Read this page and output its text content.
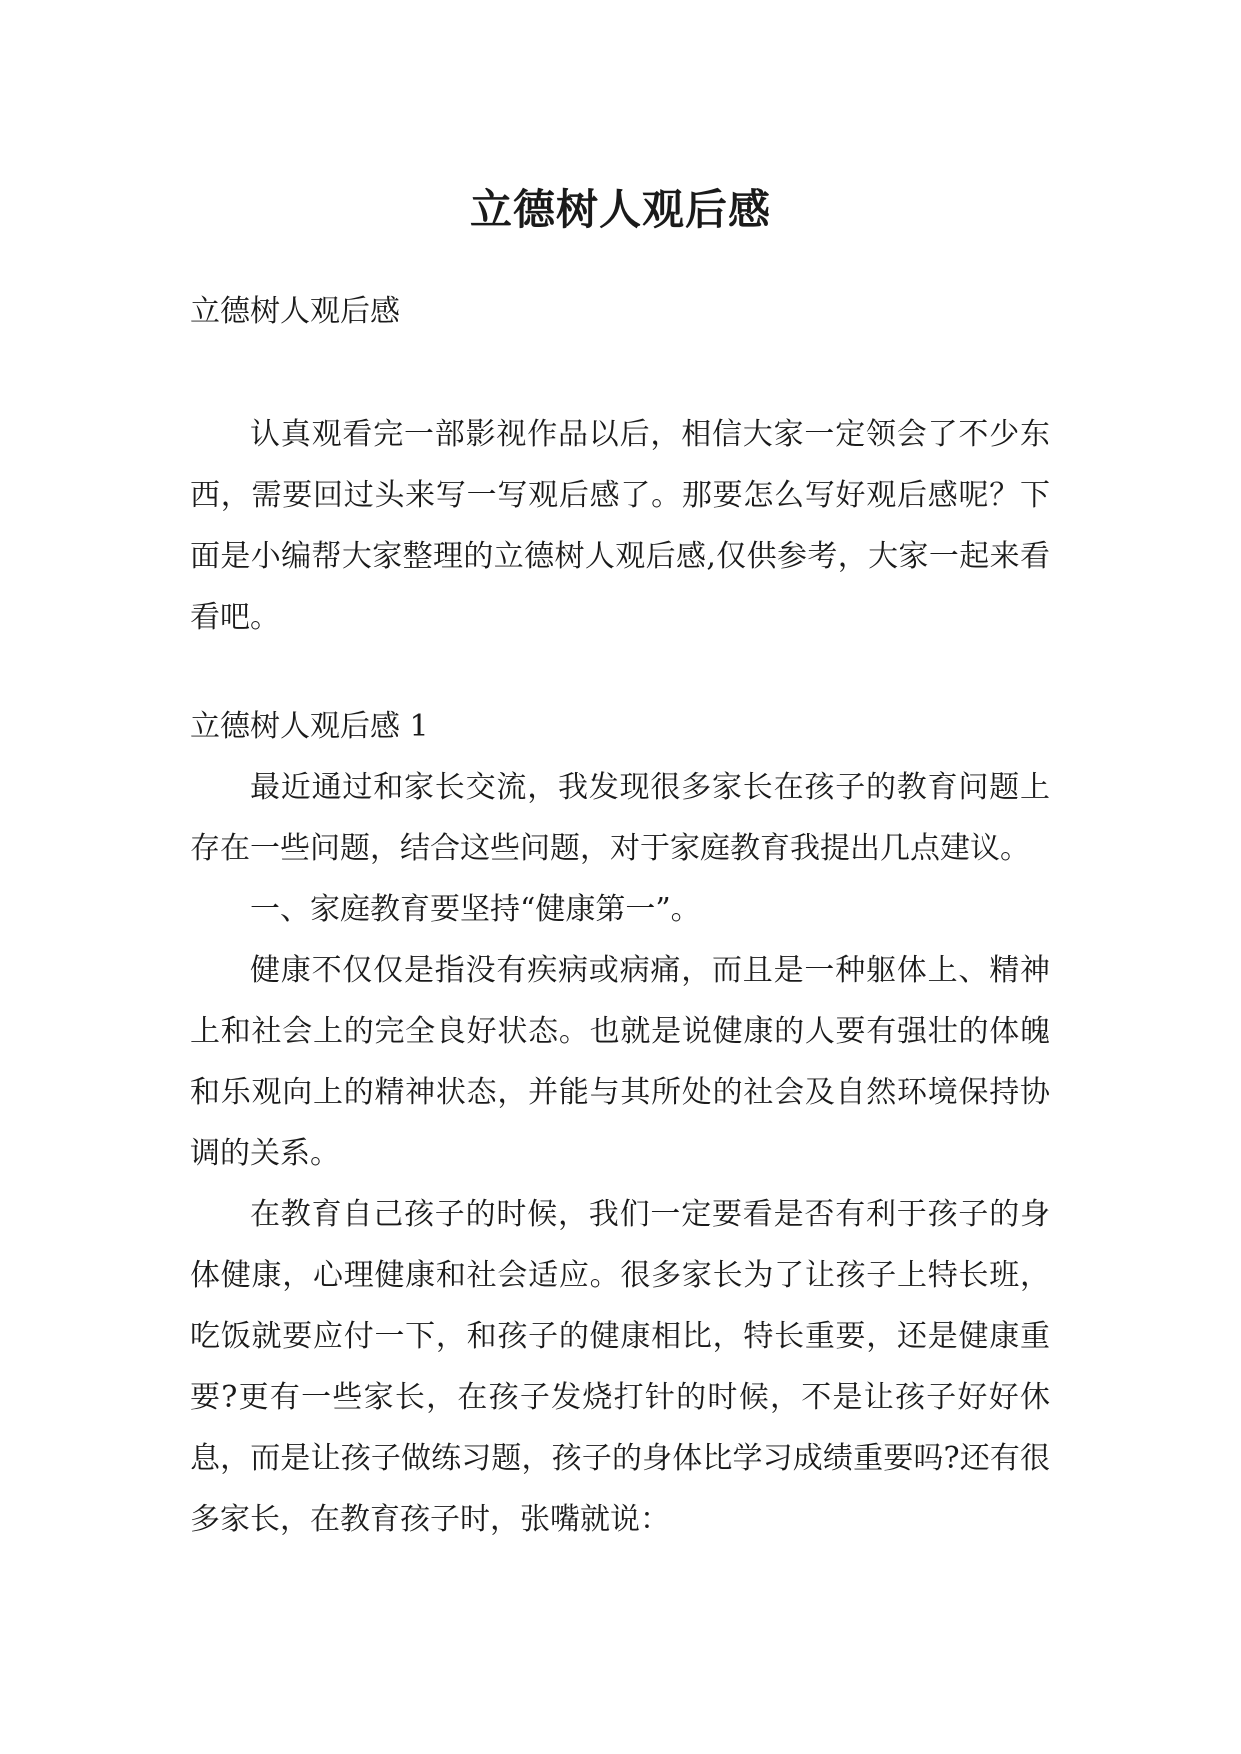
立德树人观后感
立德树人观后感

认真观看完一部影视作品以后，相信大家一定领会了不少东西，需要回过头来写一写观后感了。那要怎么写好观后感呢？下面是小编帮大家整理的立德树人观后感,仅供参考，大家一起来看看吧。

立德树人观后感 1

最近通过和家长交流，我发现很多家长在孩子的教育问题上存在一些问题，结合这些问题，对于家庭教育我提出几点建议。

一、家庭教育要坚持“健康第一”。

健康不仅仅是指没有疾病或病痛，而且是一种躯体上、精神上和社会上的完全良好状态。也就是说健康的人要有强壮的体魄和乐观向上的精神状态，并能与其所处的社会及自然环境保持协调的关系。

在教育自己孩子的时候，我们一定要看是否有利于孩子的身体健康，心理健康和社会适应。很多家长为了让孩子上特长班，吃饭就要应付一下，和孩子的健康相比，特长重要，还是健康重要?更有一些家长，在孩子发烧打针的时候，不是让孩子好好休息，而是让孩子做练习题，孩子的身体比学习成绩重要吗?还有很多家长，在教育孩子时，张嘴就说：
